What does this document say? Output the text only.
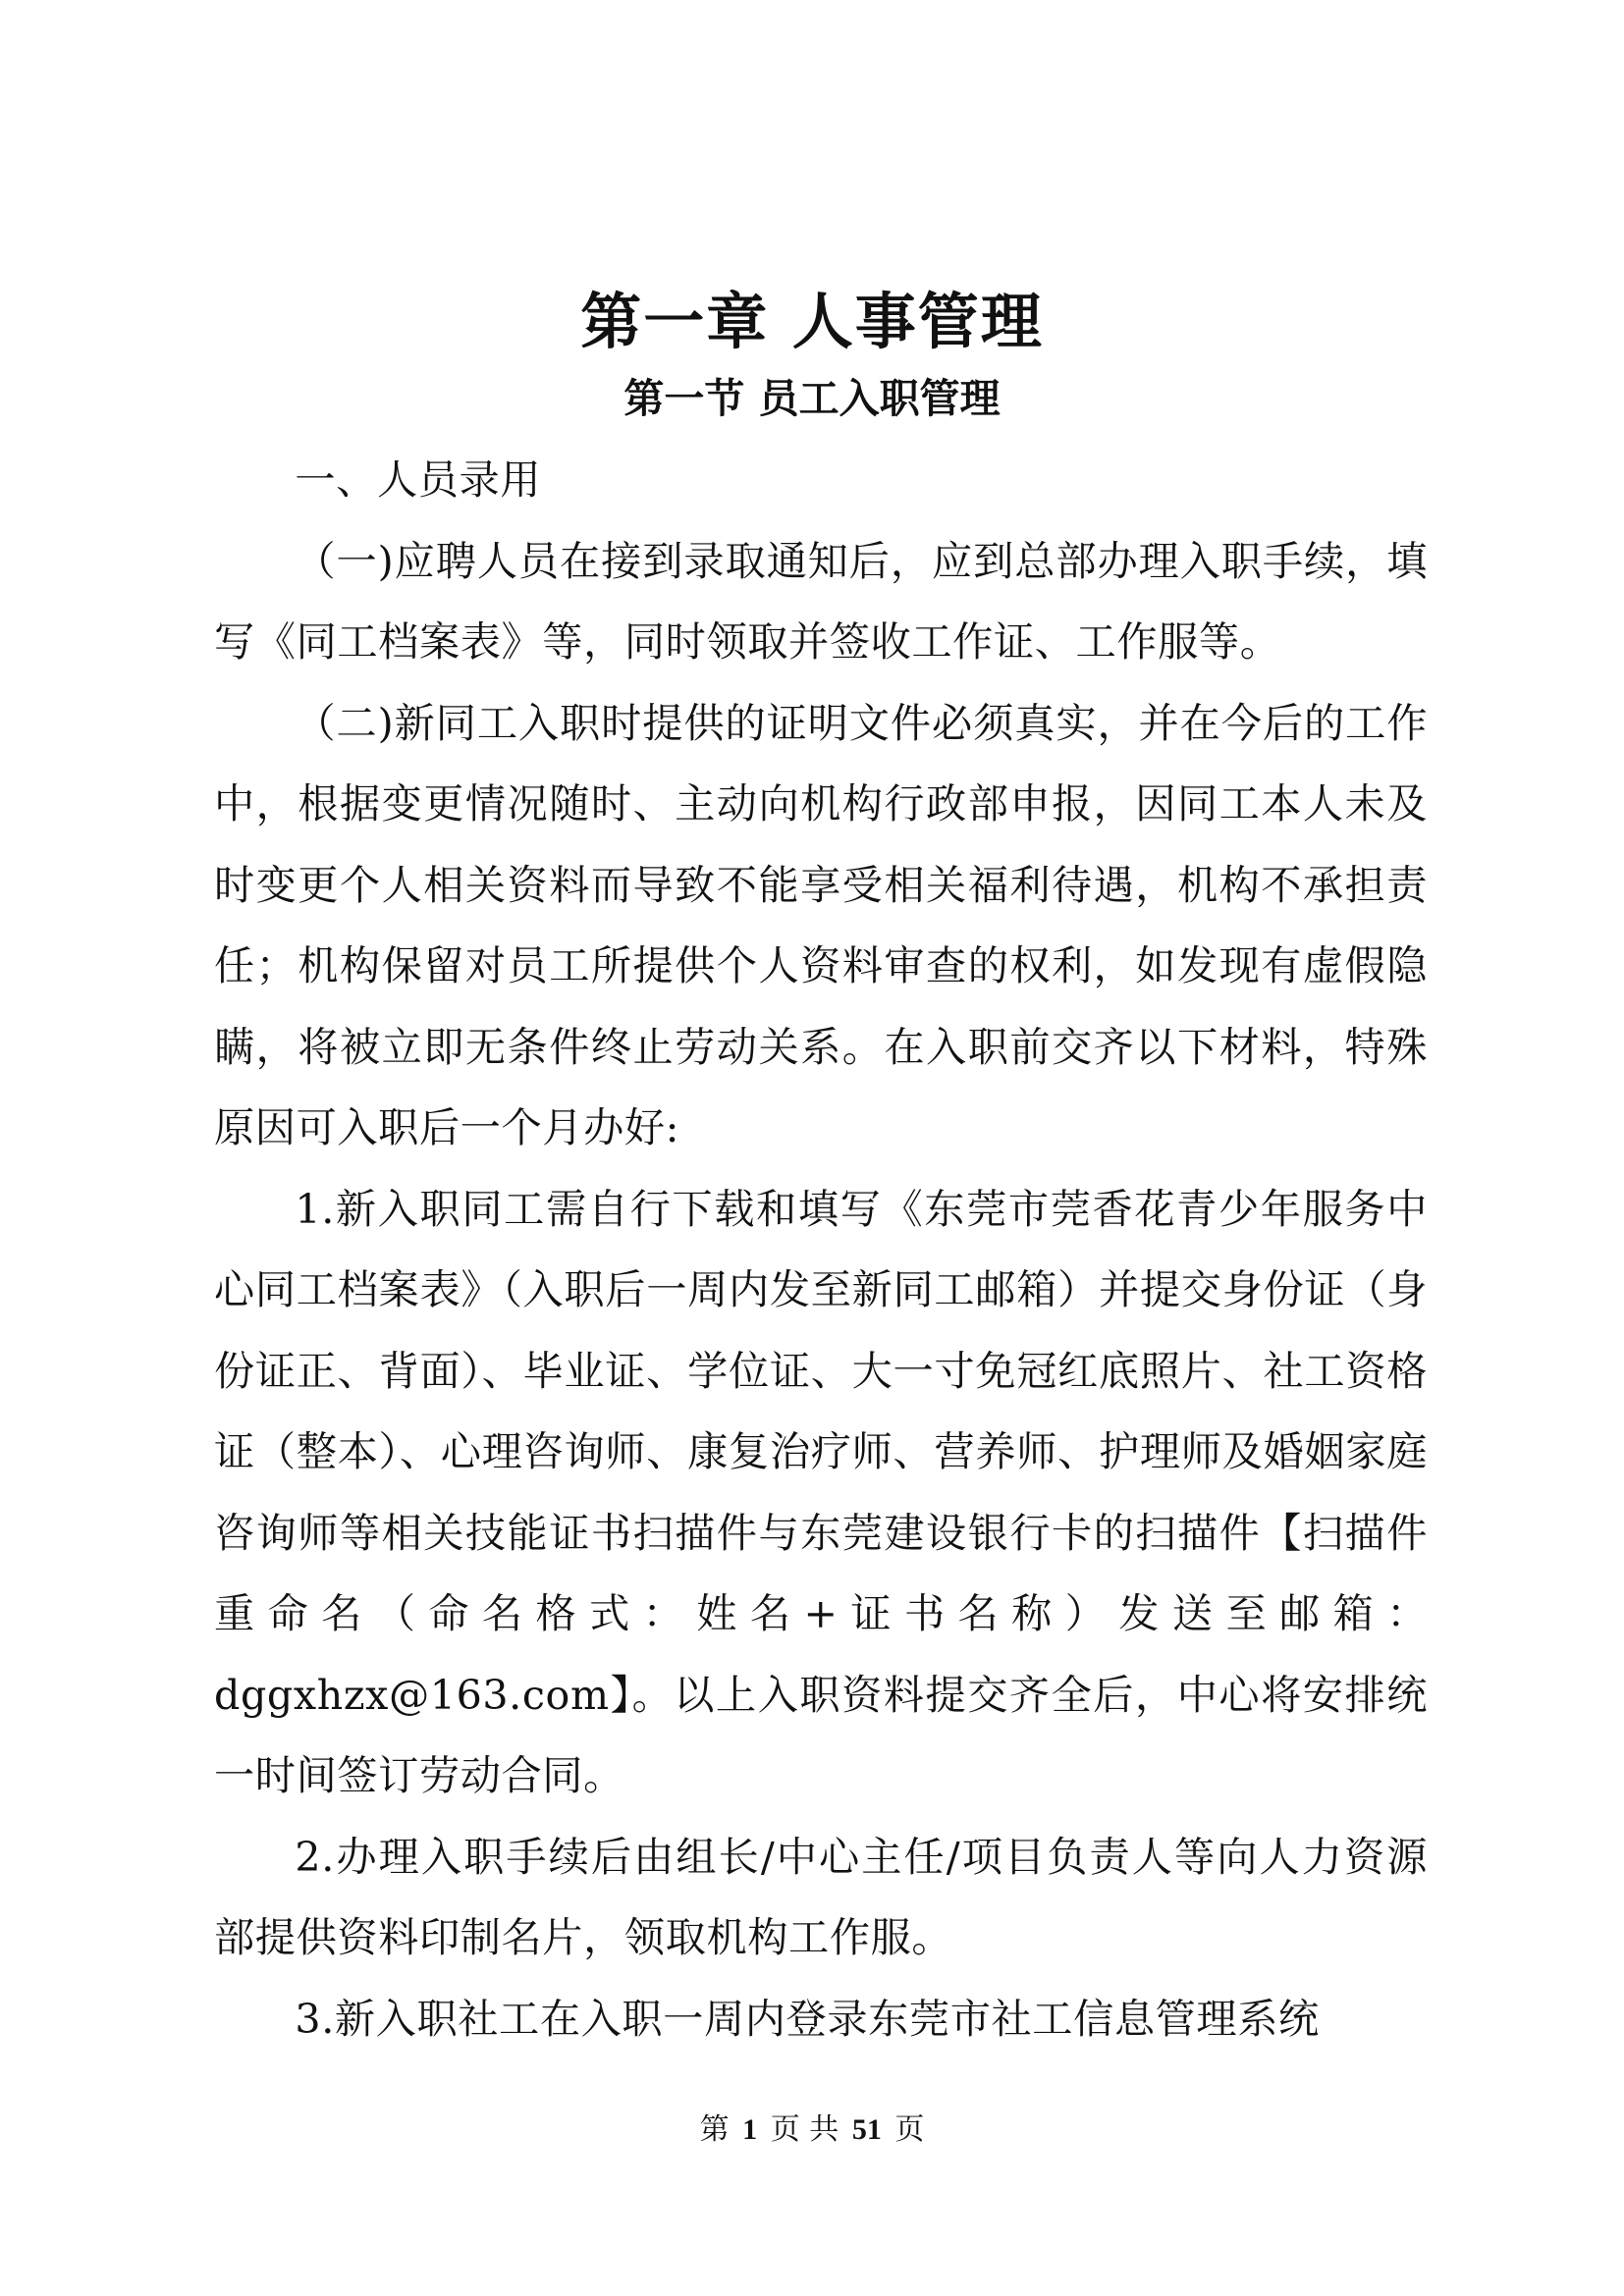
第一章 人事管理
第一节 员工入职管理

一、人员录用

（一)应聘人员在接到录取通知后，应到总部办理入职手续，填写《同工档案表》等，同时领取并签收工作证、工作服等。

（二)新同工入职时提供的证明文件必须真实，并在今后的工作中，根据变更情况随时、主动向机构行政部申报，因同工本人未及时变更个人相关资料而导致不能享受相关福利待遇，机构不承担责任；机构保留对员工所提供个人资料审查的权利，如发现有虚假隐瞒，将被立即无条件终止劳动关系。在入职前交齐以下材料，特殊原因可入职后一个月办好:

1.新入职同工需自行下载和填写《东莞市莞香花青少年服务中心同工档案表》（入职后一周内发至新同工邮箱）并提交身份证（身份证正、背面）、毕业证、学位证、大一寸免冠红底照片、社工资格证（整本）、心理咨询师、康复治疗师、营养师、护理师及婚姻家庭咨询师等相关技能证书扫描件与东莞建设银行卡的扫描件【扫描件重命名（命名格式：姓名+证书名称）发送至邮箱：dggxhzx@163.com】。以上入职资料提交齐全后，中心将安排统一时间签订劳动合同。

2.办理入职手续后由组长/中心主任/项目负责人等向人力资源部提供资料印制名片，领取机构工作服。

3.新入职社工在入职一周内登录东莞市社工信息管理系统

第 1 页 共 51 页
